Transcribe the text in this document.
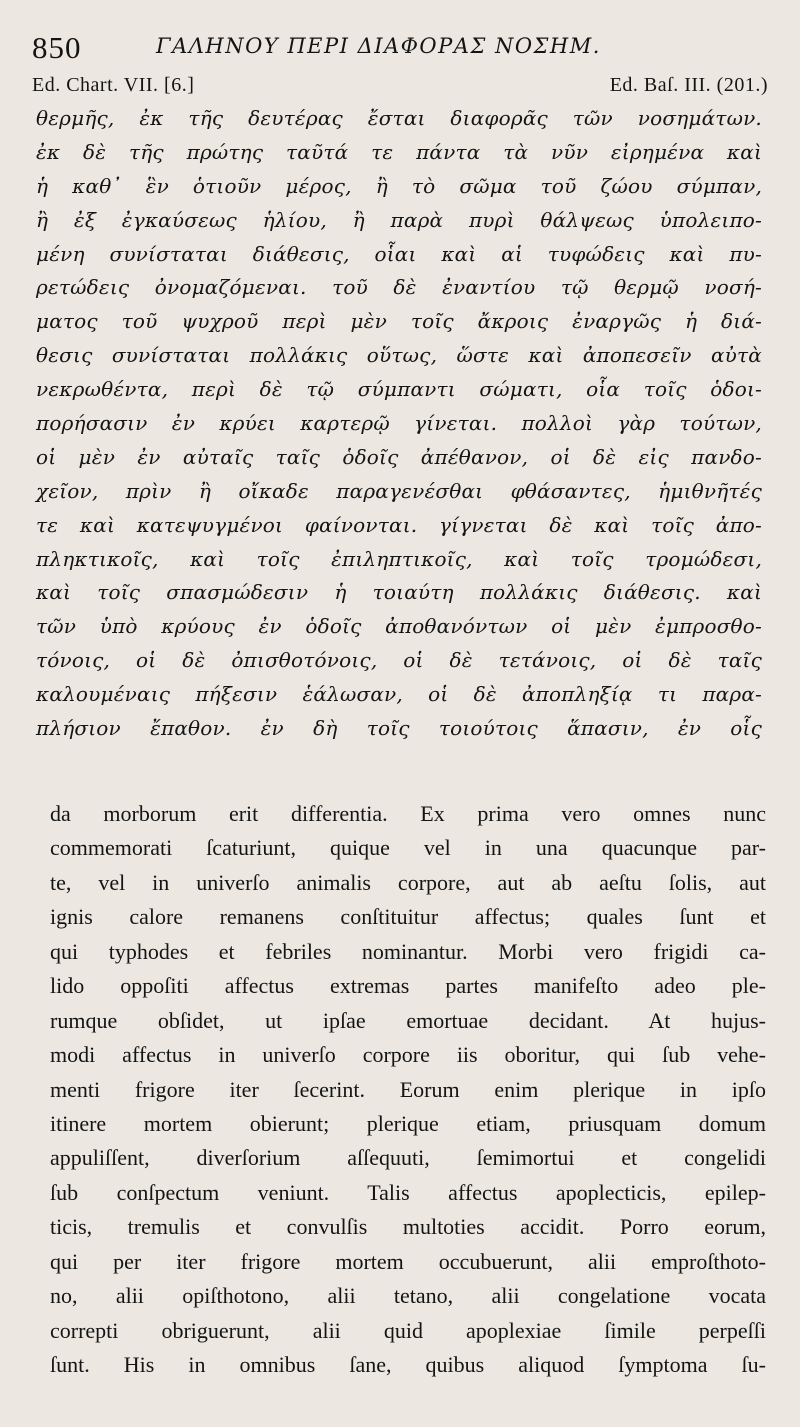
850	ΓΑΛΗΝΟΥ ΠΕΡΙ ΔΙΑΦΟΡΑΣ ΝΟΣΗΜ.
Ed. Chart. VII. [6.]	Ed. Baſ. III. (201.)
θερμῆς, ἐκ τῆς δευτέρας ἔσται διαφορᾶς τῶν νοσημάτων.
ἐκ δὲ τῆς πρώτης ταῦτά τε πάντα τὰ νῦν εἰρημένα καὶ
ἡ καθ᾽ ἓν ὁτιοῦν μέρος, ἢ τὸ σῶμα τοῦ ζώου σύμπαν,
ἢ ἐξ ἐγκαύσεως ἡλίου, ἢ παρὰ πυρὶ θάλψεως ὑπολειπο-
μένη συνίσταται διάθεσις, οἷαι καὶ αἱ τυφώδεις καὶ πυ-
ρετώδεις ὀνομαζόμεναι. τοῦ δὲ ἐναντίου τῷ θερμῷ νοσή-
ματος τοῦ ψυχροῦ περὶ μὲν τοῖς ἄκροις ἐναργῶς ἡ διά-
θεσις συνίσταται πολλάκις οὕτως, ὥστε καὶ ἀποπεσεῖν αὐτὰ
νεκρωθέντα, περὶ δὲ τῷ σύμπαντι σώματι, οἷα τοῖς ὁδοι-
πορήσασιν ἐν κρύει καρτερῷ γίνεται. πολλοὶ γὰρ τούτων,
οἱ μὲν ἐν αὐταῖς ταῖς ὁδοῖς ἀπέθανον, οἱ δὲ εἰς πανδο-
χεῖον, πρὶν ἢ οἴκαδε παραγενέσθαι φθάσαντες, ἡμιθνῆτές
τε καὶ κατεψυγμένοι φαίνονται. γίγνεται δὲ καὶ τοῖς ἀπο-
πληκτικοῖς, καὶ τοῖς ἐπιληπτικοῖς, καὶ τοῖς τρομώδεσι,
καὶ τοῖς σπασμώδεσιν ἡ τοιαύτη πολλάκις διάθεσις. καὶ
τῶν ὑπὸ κρύους ἐν ὁδοῖς ἀποθανόντων οἱ μὲν ἐμπροσθο-
τόνοις, οἱ δὲ ὀπισθοτόνοις, οἱ δὲ τετάνοις, οἱ δὲ ταῖς
καλουμέναις πήξεσιν ἑάλωσαν, οἱ δὲ ἀποπληξίᾳ τι παρα-
πλήσιον ἔπαθον. ἐν δὴ τοῖς τοιούτοις ἅπασιν, ἐν οἷς
da morborum erit differentia. Ex prima vero omnes nunc
commemorati ſcaturiunt, quique vel in una quacunque par-
te, vel in univerſo animalis corpore, aut ab aeſtu ſolis, aut
ignis calore remanens conſtituitur affectus; quales ſunt et
qui typhodes et febriles nominantur. Morbi vero frigidi ca-
lido oppoſiti affectus extremas partes manifeſto adeo ple-
rumque obſidet, ut ipſae emortuae decidant. At hujus-
modi affectus in univerſo corpore iis oboritur, qui ſub vehe-
menti frigore iter ſecerint. Eorum enim plerique in ipſo
itinere mortem obierunt; plerique etiam, priusquam domum
appuliſſent, diverſorium aſſequuti, ſemimortui et congelidi
ſub conſpectum veniunt. Talis affectus apoplecticis, epilep-
ticis, tremulis et convulſis multoties accidit. Porro eorum,
qui per iter frigore mortem occubuerunt, alii emproſthoto-
no, alii opiſthotono, alii tetano, alii congelatione vocata
correpti obriguerunt, alii quid apoplexiae ſimile perpeſſi
ſunt. His in omnibus ſane, quibus aliquod ſymptoma ſu-
